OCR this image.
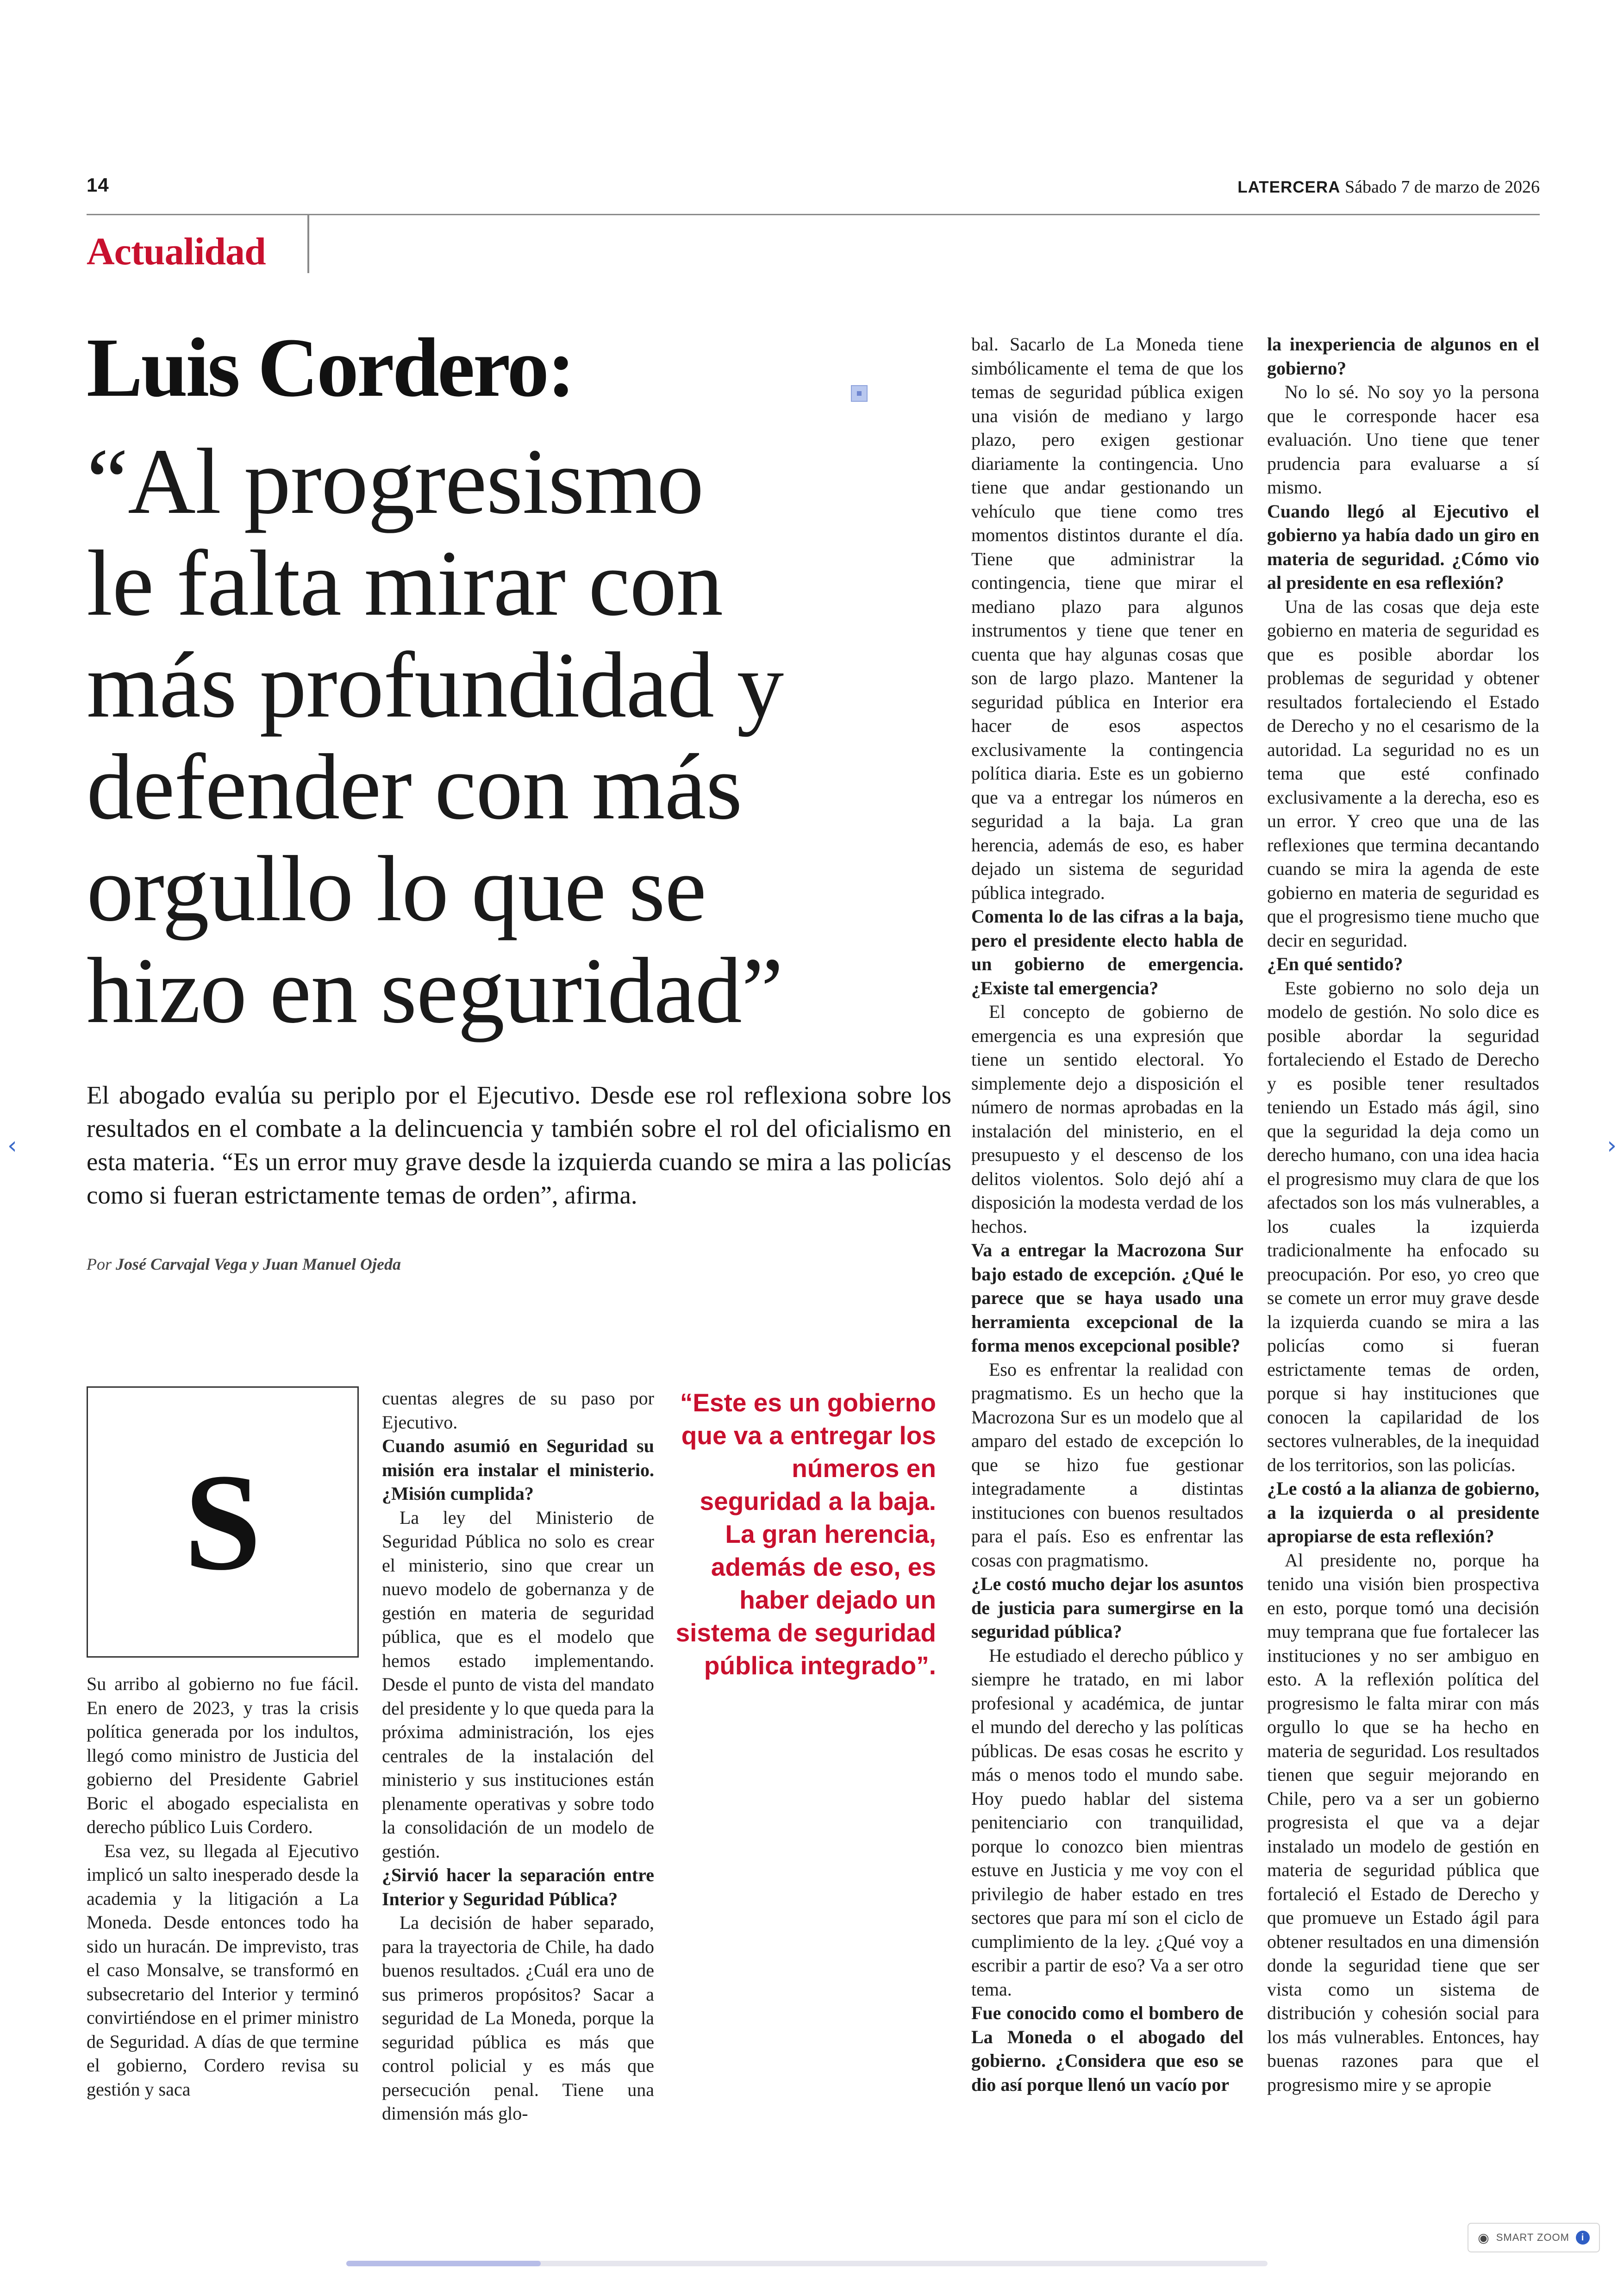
14	LATERCERA Sábado 7 de marzo de 2026
Actualidad
Luis Cordero:
“Al progresismo
le falta mirar con
más profundidad y
defender con más
orgullo lo que se
hizo en seguridad”
El abogado evalúa su periplo por el Ejecutivo. Desde ese rol reflexiona sobre los resultados en el combate a la delincuencia y también sobre el rol del oficialismo en esta materia. “Es un error muy grave desde la izquierda cuando se mira a las policías como si fueran estrictamente temas de orden”, afirma.
Por José Carvajal Vega y Juan Manuel Ojeda
S

Su arribo al gobierno no fue fácil. En enero de 2023, y tras la crisis política generada por los indultos, llegó como ministro de Justicia del gobierno del Presidente Gabriel Boric el abogado especialista en derecho público Luis Cordero.

Esa vez, su llegada al Ejecutivo implicó un salto inesperado desde la academia y la litigación a La Moneda. Desde entonces todo ha sido un huracán. De imprevisto, tras el caso Monsalve, se transformó en subsecretario del Interior y terminó convirtiéndose en el primer ministro de Seguridad. A días de que termine el gobierno, Cordero revisa su gestión y saca

cuentas alegres de su paso por Ejecutivo.

Cuando asumió en Seguridad su misión era instalar el ministerio. ¿Misión cumplida?

La ley del Ministerio de Seguridad Pública no solo es crear el ministerio, sino que crear un nuevo modelo de gobernanza y de gestión en materia de seguridad pública, que es el modelo que hemos estado implementando. Desde el punto de vista del mandato del presidente y lo que queda para la próxima administración, los ejes centrales de la instalación del ministerio y sus instituciones están plenamente operativas y sobre todo la consolidación de un modelo de gestión.

¿Sirvió hacer la separación entre Interior y Seguridad Pública?

La decisión de haber separado, para la trayectoria de Chile, ha dado buenos resultados. ¿Cuál era uno de sus primeros propósitos? Sacar a seguridad de La Moneda, porque la seguridad pública es más que control policial y es más que persecución penal. Tiene una dimensión más glo-

“Este es un gobierno que va a entregar los números en seguridad a la baja. La gran herencia, además de eso, es haber dejado un sistema de seguridad pública integrado”.

bal. Sacarlo de La Moneda tiene simbólicamente el tema de que los temas de seguridad pública exigen una visión de mediano y largo plazo, pero exigen gestionar diariamente la contingencia. Uno tiene que andar gestionando un vehículo que tiene como tres momentos distintos durante el día. Tiene que administrar la contingencia, tiene que mirar el mediano plazo para algunos instrumentos y tiene que tener en cuenta que hay algunas cosas que son de largo plazo. Mantener la seguridad pública en Interior era hacer de esos aspectos exclusivamente la contingencia política diaria. Este es un gobierno que va a entregar los números en seguridad a la baja. La gran herencia, además de eso, es haber dejado un sistema de seguridad pública integrado.

Comenta lo de las cifras a la baja, pero el presidente electo habla de un gobierno de emergencia. ¿Existe tal emergencia?

El concepto de gobierno de emergencia es una expresión que tiene un sentido electoral. Yo simplemente dejo a disposición el número de normas aprobadas en la instalación del ministerio, en el presupuesto y el descenso de los delitos violentos. Solo dejó ahí a disposición la modesta verdad de los hechos.

Va a entregar la Macrozona Sur bajo estado de excepción. ¿Qué le parece que se haya usado una herramienta excepcional de la forma menos excepcional posible?

Eso es enfrentar la realidad con pragmatismo. Es un hecho que la Macrozona Sur es un modelo que al amparo del estado de excepción lo que se hizo fue gestionar integradamente a distintas instituciones con buenos resultados para el país. Eso es enfrentar las cosas con pragmatismo.

¿Le costó mucho dejar los asuntos de justicia para sumergirse en la seguridad pública?

He estudiado el derecho público y siempre he tratado, en mi labor profesional y académica, de juntar el mundo del derecho y las políticas públicas. De esas cosas he escrito y más o menos todo el mundo sabe. Hoy puedo hablar del sistema penitenciario con tranquilidad, porque lo conozco bien mientras estuve en Justicia y me voy con el privilegio de haber estado en tres sectores que para mí son el ciclo de cumplimiento de la ley. ¿Qué voy a escribir a partir de eso? Va a ser otro tema.

Fue conocido como el bombero de La Moneda o el abogado del gobierno. ¿Considera que eso se dio así porque llenó un vacío por

la inexperiencia de algunos en el gobierno?

No lo sé. No soy yo la persona que le corresponde hacer esa evaluación. Uno tiene que tener prudencia para evaluarse a sí mismo.

Cuando llegó al Ejecutivo el gobierno ya había dado un giro en materia de seguridad. ¿Cómo vio al presidente en esa reflexión?

Una de las cosas que deja este gobierno en materia de seguridad es que es posible abordar los problemas de seguridad y obtener resultados fortaleciendo el Estado de Derecho y no el cesarismo de la autoridad. La seguridad no es un tema que esté confinado exclusivamente a la derecha, eso es un error. Y creo que una de las reflexiones que termina decantando cuando se mira la agenda de este gobierno en materia de seguridad es que el progresismo tiene mucho que decir en seguridad.

¿En qué sentido?

Este gobierno no solo deja un modelo de gestión. No solo dice es posible abordar la seguridad fortaleciendo el Estado de Derecho y es posible tener resultados teniendo un Estado más ágil, sino que la seguridad la deja como un derecho humano, con una idea hacia el progresismo muy clara de que los afectados son los más vulnerables, a los cuales la izquierda tradicionalmente ha enfocado su preocupación. Por eso, yo creo que se comete un error muy grave desde la izquierda cuando se mira a las policías como si fueran estrictamente temas de orden, porque si hay instituciones que conocen la capilaridad de los sectores vulnerables, de la inequidad de los territorios, son las policías.

¿Le costó a la alianza de gobierno, a la izquierda o al presidente apropiarse de esta reflexión?

Al presidente no, porque ha tenido una visión bien prospectiva en esto, porque tomó una decisión muy temprana que fue fortalecer las instituciones y no ser ambiguo en esto. A la reflexión política del progresismo le falta mirar con más orgullo lo que se ha hecho en materia de seguridad. Los resultados tienen que seguir mejorando en Chile, pero va a ser un gobierno progresista el que va a dejar instalado un modelo de gestión en materia de seguridad pública que fortaleció el Estado de Derecho y que promueve un Estado ágil para obtener resultados en una dimensión donde la seguridad tiene que ser vista como un sistema de distribución y cohesión social para los más vulnerables. Entonces, hay buenas razones para que el progresismo mire y se apropie

‹	›
◉ SMART ZOOM	i
